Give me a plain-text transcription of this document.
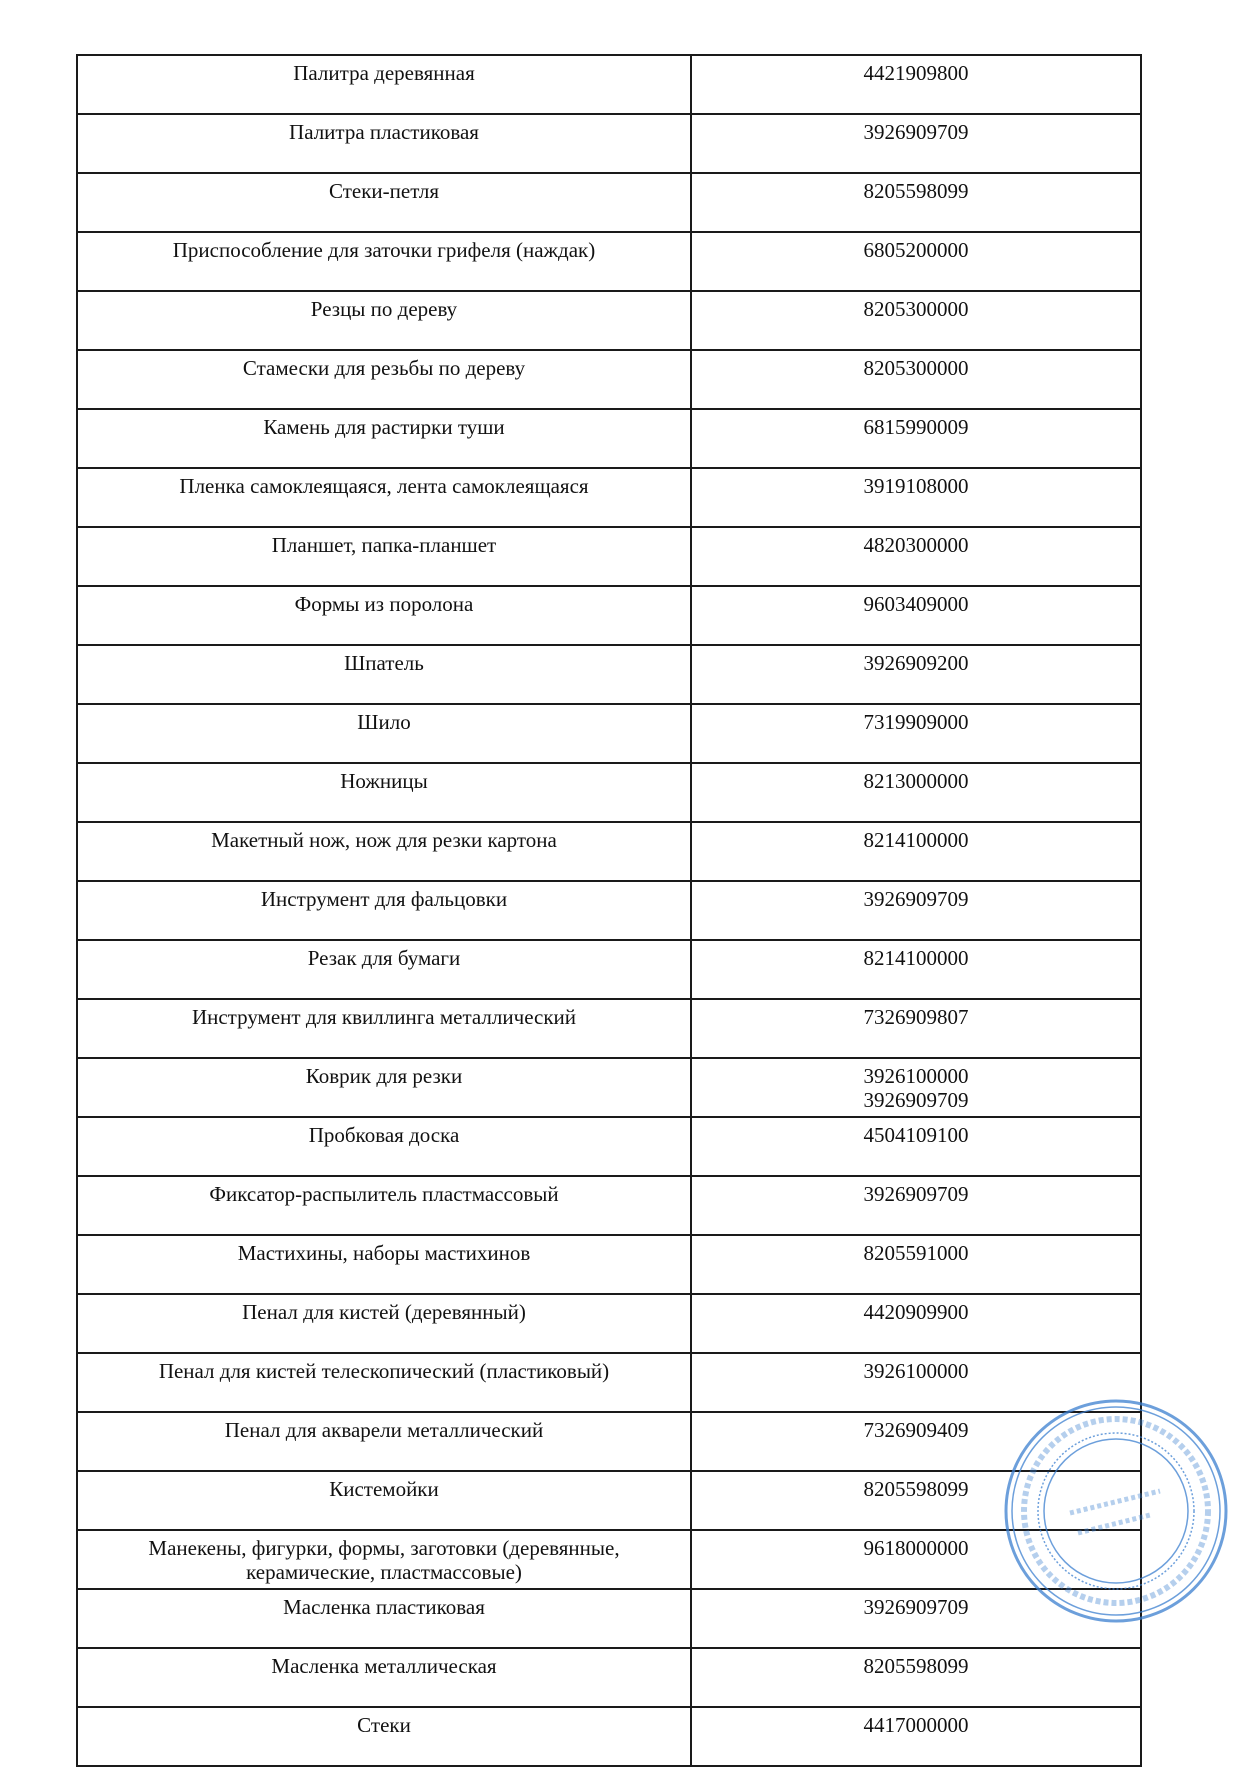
Палитра деревянная	4421909800
Палитра пластиковая	3926909709
Стеки-петля	8205598099
Приспособление для заточки грифеля (наждак)	6805200000
Резцы по дереву	8205300000
Стамески для резьбы по дереву	8205300000
Камень для растирки туши	6815990009
Пленка самоклеящаяся, лента самоклеящаяся	3919108000
Планшет, папка-планшет	4820300000
Формы из поролона	9603409000
Шпатель	3926909200
Шило	7319909000
Ножницы	8213000000
Макетный нож, нож для резки картона	8214100000
Инструмент для фальцовки	3926909709
Резак для бумаги	8214100000
Инструмент для квиллинга металлический	7326909807
Коврик для резки	3926100000
3926909709
Пробковая доска	4504109100
Фиксатор-распылитель пластмассовый	3926909709
Мастихины, наборы мастихинов	8205591000
Пенал для кистей (деревянный)	4420909900
Пенал для кистей телескопический (пластиковый)	3926100000
Пенал для акварели металлический	7326909409
Кистемойки	8205598099
Манекены, фигурки, формы, заготовки (деревянные,
керамические, пластмассовые)	9618000000
Масленка пластиковая	3926909709
Масленка металлическая	8205598099
Стеки	4417000000
